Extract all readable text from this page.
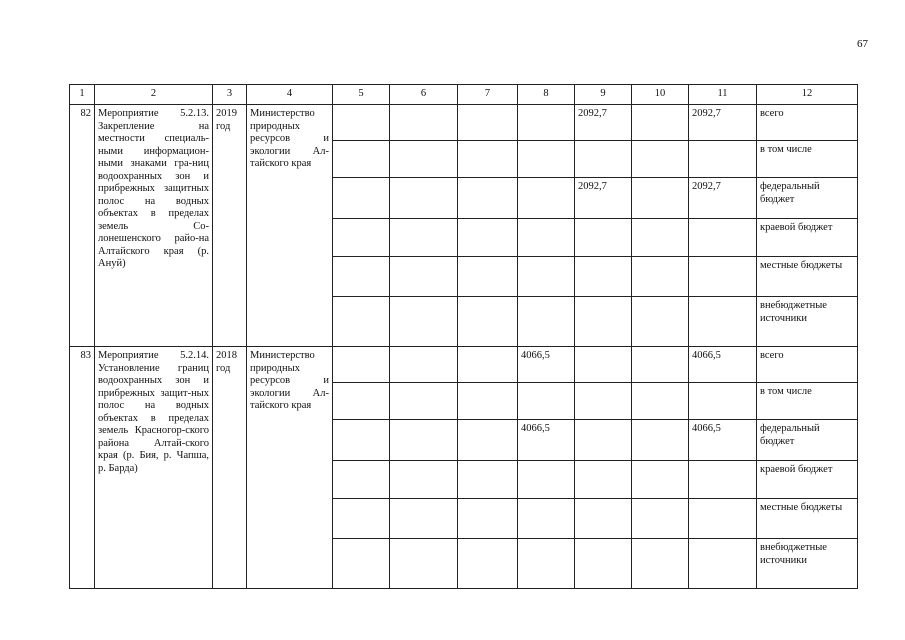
67
1	2	3	4	5	6	7	8	9	10	11	12
82	Мероприятие 5.2.13. Закрепление на местности специаль-ными информацион-ными знаками гра-ниц водоохранных зон и прибрежных защитных полос на водных объектах в пределах земель Со-лонешенского райо-на Алтайского края (р. Ануй)	2019 год	Министерство природных ресурсов и экологии Ал-тайского края					2092,7		2092,7	всего
											в том числе
								2092,7		2092,7	федеральный бюджет
											краевой бюджет
											местные бюджеты
											внебюджетные источники
83	Мероприятие 5.2.14. Установление границ водоохранных зон и прибрежных защит-ных полос на водных объектах в пределах земель Красногор-ского района Алтай-ского края (р. Бия, р. Чапша, р. Барда)	2018 год	Министерство природных ресурсов и экологии Ал-тайского края				4066,5			4066,5	всего
											в том числе
							4066,5			4066,5	федеральный бюджет
											краевой бюджет
											местные бюджеты
											внебюджетные источники
